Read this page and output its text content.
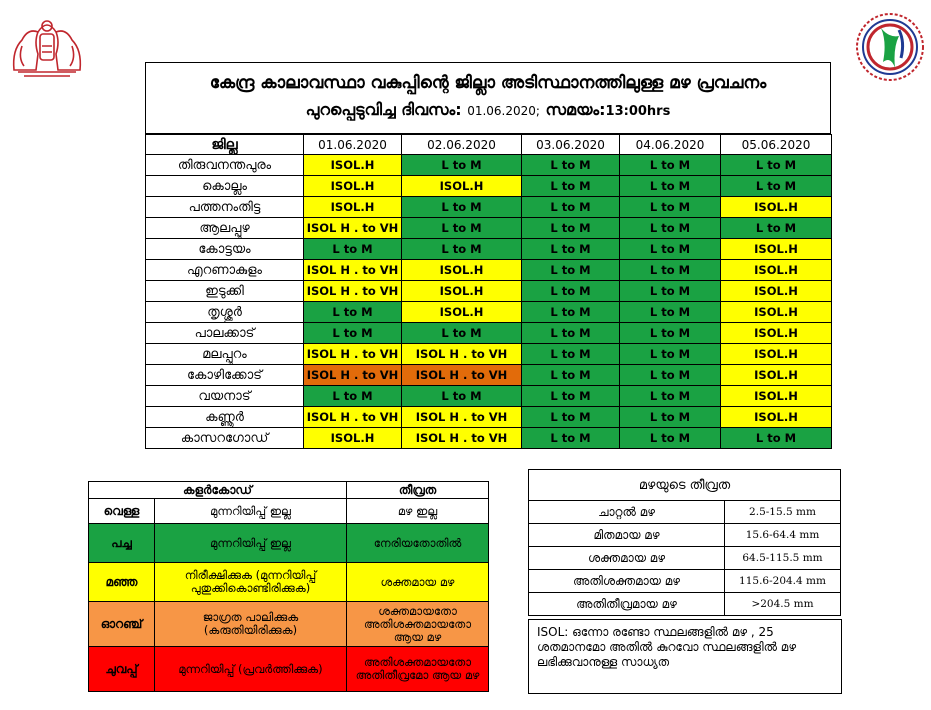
കേന്ദ്ര കാലാവസ്ഥാ വകുപ്പിന്റെ ജില്ലാ അടിസ്ഥാനത്തിലുള്ള മഴ പ്രവചനം
പുറപ്പെടുവിച്ച ദിവസം: 01.06.2020; സമയം:13:00hrs
ജില്ല	01.06.2020	02.06.2020	03.06.2020	04.06.2020	05.06.2020
തിരുവനന്തപുരം	ISOL.H	L to M	L to M	L to M	L to M
കൊല്ലം	ISOL.H	ISOL.H	L to M	L to M	L to M
പത്തനംതിട്ട	ISOL.H	L to M	L to M	L to M	ISOL.H
ആലപ്പുഴ	ISOL H . to VH	L to M	L to M	L to M	L to M
കോട്ടയം	L to M	L to M	L to M	L to M	ISOL.H
എറണാകുളം	ISOL H . to VH	ISOL.H	L to M	L to M	ISOL.H
ഇടുക്കി	ISOL H . to VH	ISOL.H	L to M	L to M	ISOL.H
തൃശ്ശൂർ	L to M	ISOL.H	L to M	L to M	ISOL.H
പാലക്കാട്	L to M	L to M	L to M	L to M	ISOL.H
മലപ്പുറം	ISOL H . to VH	ISOL H . to VH	L to M	L to M	ISOL.H
കോഴിക്കോട്	ISOL H . to VH	ISOL H . to VH	L to M	L to M	ISOL.H
വയനാട്	L to M	L to M	L to M	L to M	ISOL.H
കണ്ണൂർ	ISOL H . to VH	ISOL H . to VH	L to M	L to M	ISOL.H
കാസറഗോഡ്	ISOL.H	ISOL H . to VH	L to M	L to M	L to M
കളർകോഡ്		തീവ്രത
വെള്ള	മുന്നറിയിപ്പ് ഇല്ല	മഴ ഇല്ല
പച്ച	മുന്നറിയിപ്പ് ഇല്ല	നേരിയതോതിൽ
മഞ്ഞ	നിരീക്ഷിക്കുക (മുന്നറിയിപ്പ് പുതുക്കികൊണ്ടിരിക്കുക)	ശക്തമായ മഴ
ഓറഞ്ച്	ജാഗ്രത പാലിക്കുക (കരുതിയിരിക്കുക)	ശക്തമായതോ അതിശക്തമായതോ ആയ മഴ
ചുവപ്പ്	മുന്നറിയിപ്പ് (പ്രവർത്തിക്കുക)	അതിശക്തമായതോ അതിതീവ്രമോ ആയ മഴ
മഴയുടെ തീവ്രത	
ചാറ്റൽ മഴ	2.5-15.5 mm
മിതമായ മഴ	15.6-64.4 mm
ശക്തമായ മഴ	64.5-115.5 mm
അതിശക്തമായ മഴ	115.6-204.4 mm
അതിതീവ്രമായ മഴ	>204.5 mm
ISOL: ഒന്നോ രണ്ടോ സ്ഥലങ്ങളിൽ മഴ , 25 ശതമാനമോ അതിൽ കുറവോ സ്ഥലങ്ങളിൽ മഴ ലഭിക്കുവാനുള്ള സാധ്യത
